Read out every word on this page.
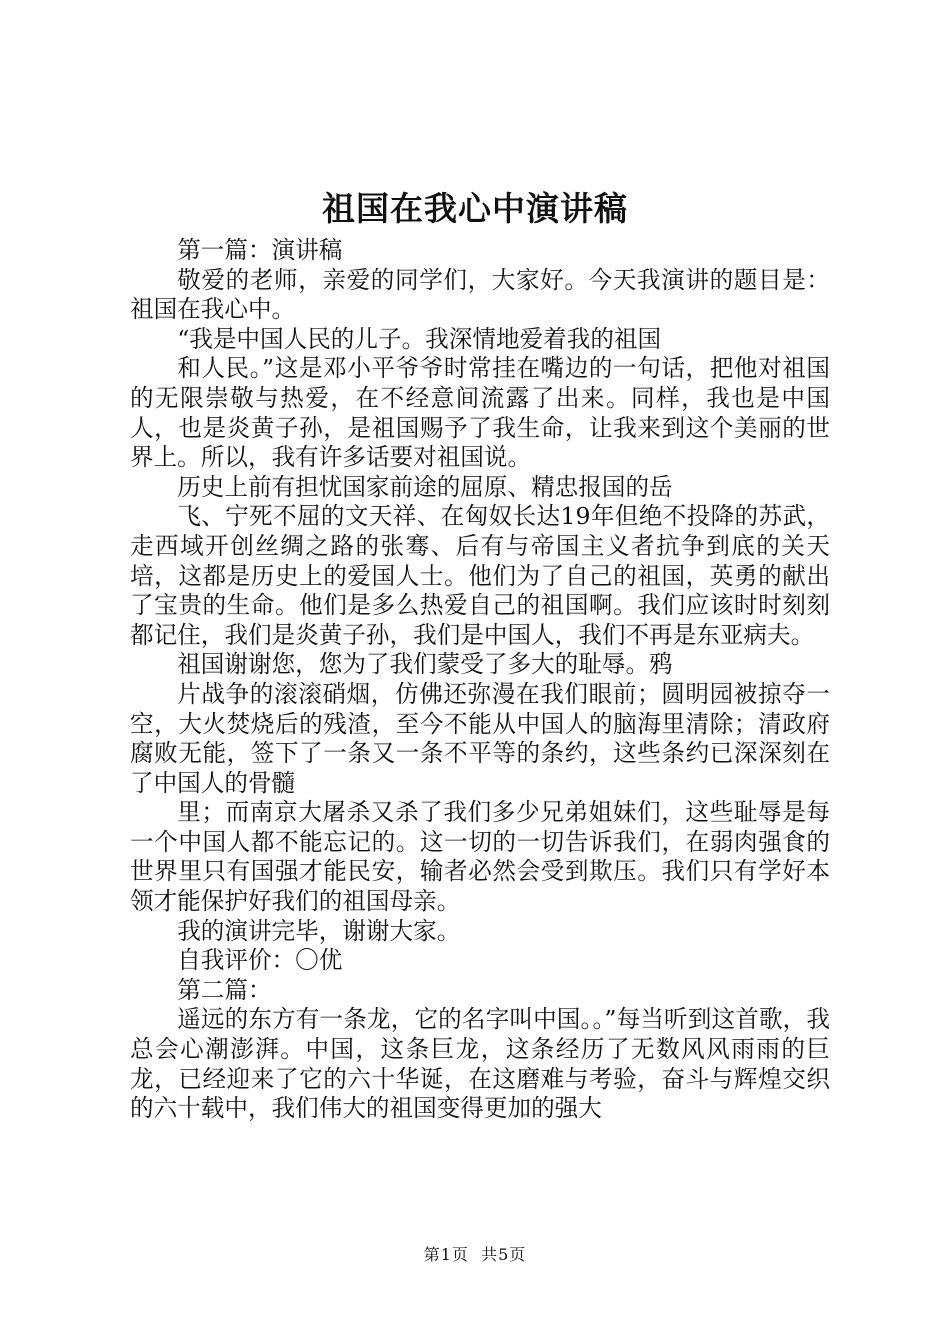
祖国在我心中演讲稿

第一篇：演讲稿

敬爱的老师，亲爱的同学们，大家好。今天我演讲的题目是：祖国在我心中。

“我是中国人民的儿子。我深情地爱着我的祖国

和人民。”这是邓小平爷爷时常挂在嘴边的一句话，把他对祖国的无限崇敬与热爱，在不经意间流露了出来。同样，我也是中国人，也是炎黄子孙，是祖国赐予了我生命，让我来到这个美丽的世界上。所以，我有许多话要对祖国说。

历史上前有担忧国家前途的屈原、精忠报国的岳

飞、宁死不屈的文天祥、在匈奴长达19年但绝不投降的苏武，走西域开创丝绸之路的张骞、后有与帝国主义者抗争到底的关天培，这都是历史上的爱国人士。他们为了自己的祖国，英勇的献出了宝贵的生命。他们是多么热爱自己的祖国啊。我们应该时时刻刻都记住，我们是炎黄子孙，我们是中国人，我们不再是东亚病夫。

祖国谢谢您，您为了我们蒙受了多大的耻辱。鸦

片战争的滚滚硝烟，仿佛还弥漫在我们眼前；圆明园被掠夺一空，大火焚烧后的残渣，至今不能从中国人的脑海里清除；清政府腐败无能，签下了一条又一条不平等的条约，这些条约已深深刻在了中国人的骨髓

里；而南京大屠杀又杀了我们多少兄弟姐妹们，这些耻辱是每一个中国人都不能忘记的。这一切的一切告诉我们，在弱肉强食的世界里只有国强才能民安，输者必然会受到欺压。我们只有学好本领才能保护好我们的祖国母亲。

我的演讲完毕，谢谢大家。

自我评价：〇优

第二篇：

遥远的东方有一条龙，它的名字叫中国。。”每当听到这首歌，我总会心潮澎湃。中国，这条巨龙，这条经历了无数风风雨雨的巨龙，已经迎来了它的六十华诞，在这磨难与考验，奋斗与辉煌交织的六十载中，我们伟大的祖国变得更加的强大

第1页  共5页
